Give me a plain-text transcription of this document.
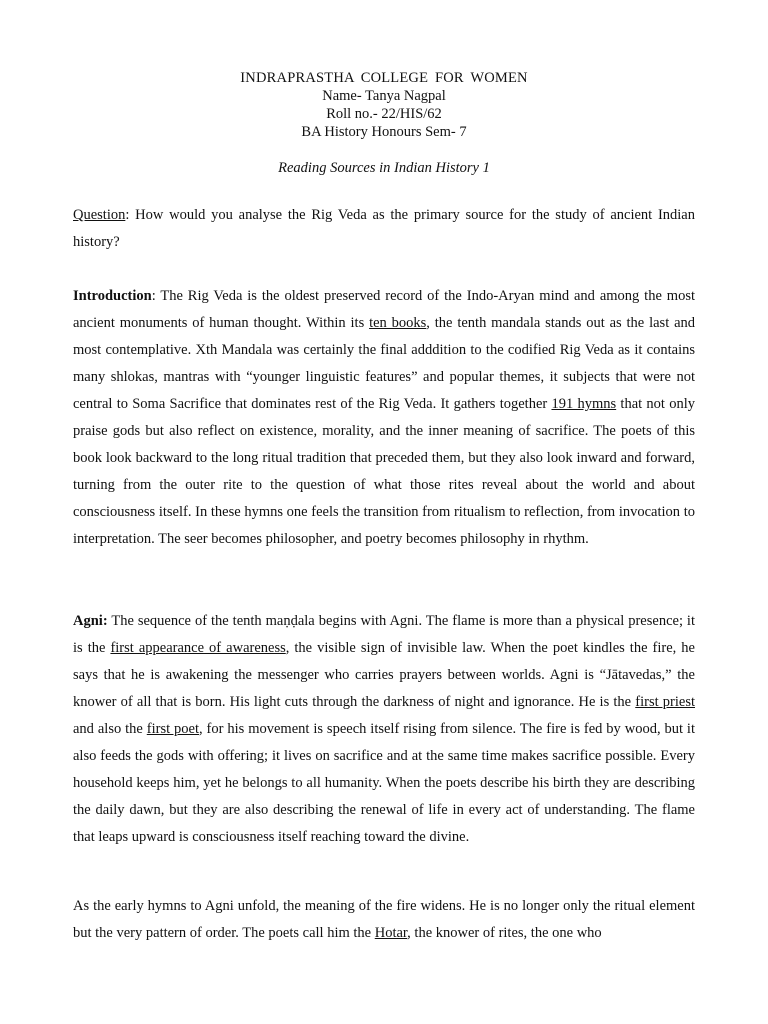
INDRAPRASTHA COLLEGE FOR WOMEN
Name- Tanya Nagpal
Roll no.- 22/HIS/62
BA History Honours Sem- 7
Reading Sources in Indian History 1
Question: How would you analyse the Rig Veda as the primary source for the study of ancient Indian history?
Introduction: The Rig Veda is the oldest preserved record of the Indo-Aryan mind and among the most ancient monuments of human thought. Within its ten books, the tenth mandala stands out as the last and most contemplative. Xth Mandala was certainly the final adddition to the codified Rig Veda as it contains many shlokas, mantras with “younger linguistic features” and popular themes, it subjects that were not central to Soma Sacrifice that dominates rest of the Rig Veda. It gathers together 191 hymns that not only praise gods but also reflect on existence, morality, and the inner meaning of sacrifice. The poets of this book look backward to the long ritual tradition that preceded them, but they also look inward and forward, turning from the outer rite to the question of what those rites reveal about the world and about consciousness itself. In these hymns one feels the transition from ritualism to reflection, from invocation to interpretation. The seer becomes philosopher, and poetry becomes philosophy in rhythm.
Agni: The sequence of the tenth maṇḍala begins with Agni. The flame is more than a physical presence; it is the first appearance of awareness, the visible sign of invisible law. When the poet kindles the fire, he says that he is awakening the messenger who carries prayers between worlds. Agni is “Jātavedas,” the knower of all that is born. His light cuts through the darkness of night and ignorance. He is the first priest and also the first poet, for his movement is speech itself rising from silence. The fire is fed by wood, but it also feeds the gods with offering; it lives on sacrifice and at the same time makes sacrifice possible. Every household keeps him, yet he belongs to all humanity. When the poets describe his birth they are describing the daily dawn, but they are also describing the renewal of life in every act of understanding. The flame that leaps upward is consciousness itself reaching toward the divine.
As the early hymns to Agni unfold, the meaning of the fire widens. He is no longer only the ritual element but the very pattern of order. The poets call him the Hotar, the knower of rites, the one who
